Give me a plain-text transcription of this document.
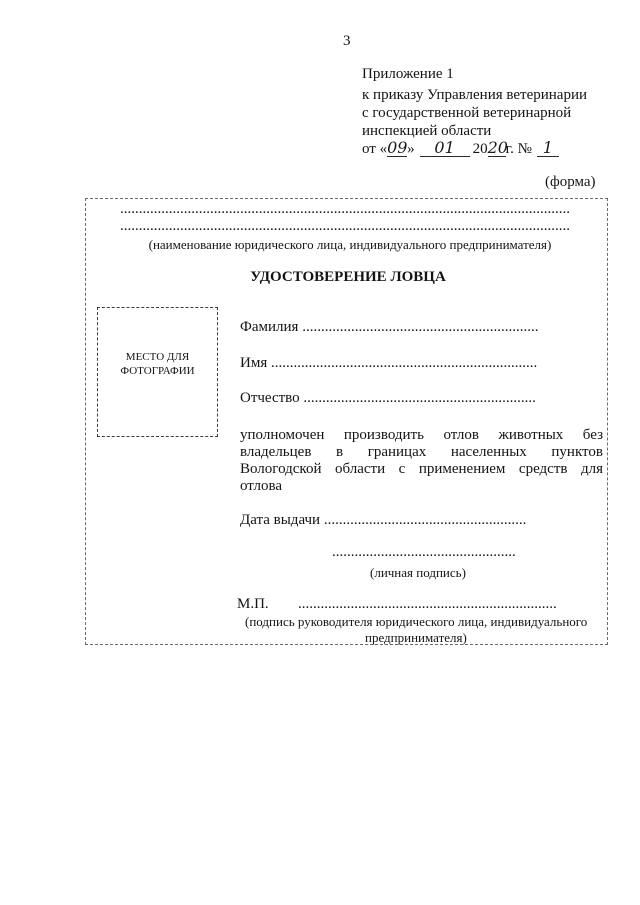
3
Приложение 1
к приказу Управления ветеринарии
с государственной ветеринарной
инспекцией области
от «09» 01 2020г. № 1
(форма)
........................................................................................................................
........................................................................................................................
(наименование юридического лица, индивидуального предпринимателя)
УДОСТОВЕРЕНИЕ ЛОВЦА
МЕСТО ДЛЯ
ФОТОГРАФИИ
Фамилия ...............................................................
Имя .......................................................................
Отчество ..............................................................
уполномочен производить отлов животных без
владельцев в границах населенных пунктов
Вологодской области с применением средств для
отлова
Дата выдачи ......................................................
.................................................
(личная подпись)
М.П. .....................................................................
(подпись руководителя юридического лица, индивидуального
предпринимателя)
